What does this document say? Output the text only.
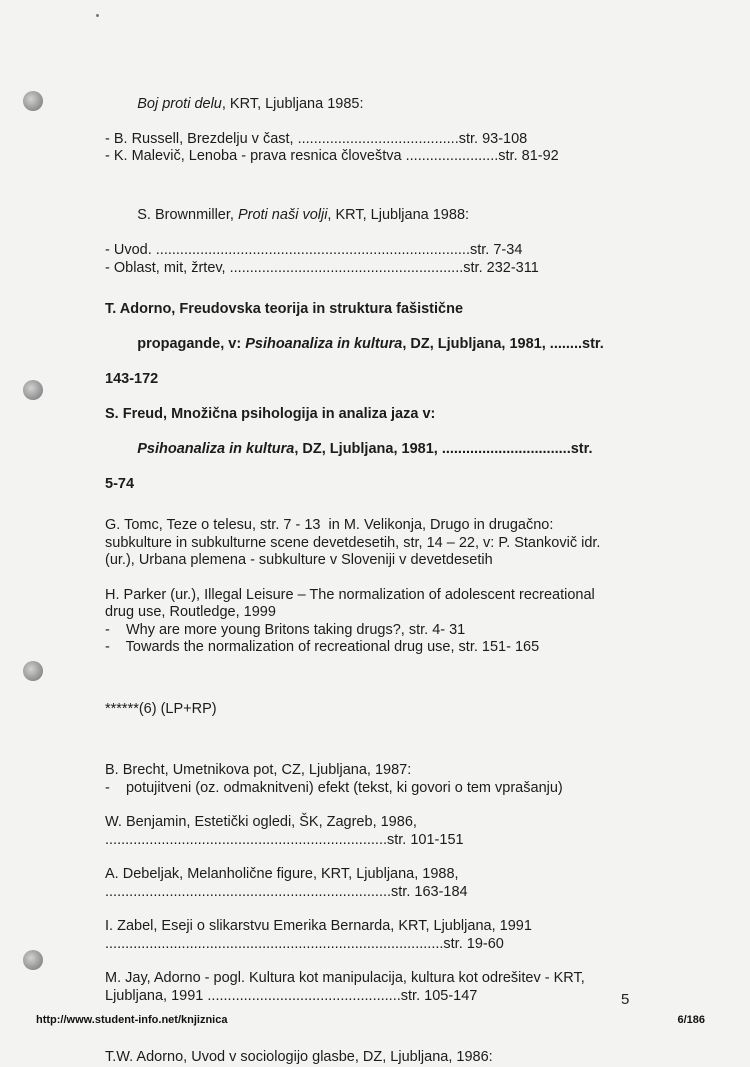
Boj proti delu, KRT, Ljubljana 1985:

- B. Russell, Brezdelju v čast, ........................................str. 93-108
- K. Malevič, Lenoba - prava resnica človeštva .......................str. 81-92

S. Brownmiller, Proti naši volji, KRT, Ljubljana 1988:

- Uvod. ..............................................................................str. 7-34
- Oblast, mit, žrtev, ..........................................................str. 232-311
T. Adorno, Freudovska teorija in struktura fašistične

propagande, v: Psihoanaliza in kultura, DZ, Ljubljana, 1981, ........str.

143-172
S. Freud, Množična psihologija in analiza jaza v:

Psihoanaliza in kultura, DZ, Ljubljana, 1981, ................................str.

5-74
G. Tomc, Teze o telesu, str. 7 - 13  in M. Velikonja, Drugo in drugačno:
subkulture in subkulturne scene devetdesetih, str, 14 – 22, v: P. Stankovič idr.
(ur.), Urbana plemena - subkulture v Sloveniji v devetdesetih
H. Parker (ur.), Illegal Leisure – The normalization of adolescent recreational
drug use, Routledge, 1999
-    Why are more young Britons taking drugs?, str. 4- 31
-    Towards the normalization of recreational drug use, str. 151- 165
******(6) (LP+RP)
B. Brecht, Umetnikova pot, CZ, Ljubljana, 1987:
-    potujitveni (oz. odmaknitveni) efekt (tekst, ki govori o tem vprašanju)
W. Benjamin, Estetički ogledi, ŠK, Zagreb, 1986,
......................................................................str. 101-151
A. Debeljak, Melanholične figure, KRT, Ljubljana, 1988,
.......................................................................str. 163-184
I. Zabel, Eseji o slikarstvu Emerika Bernarda, KRT, Ljubljana, 1991
....................................................................................str. 19-60
M. Jay, Adorno - pogl. Kultura kot manipulacija, kultura kot odrešitev - KRT,
Ljubljana, 1991 ................................................str. 105-147
T.W. Adorno, Uvod v sociologijo glasbe, DZ, Ljubljana, 1986:
5
http://www.student-info.net/knjiznica	6/186
